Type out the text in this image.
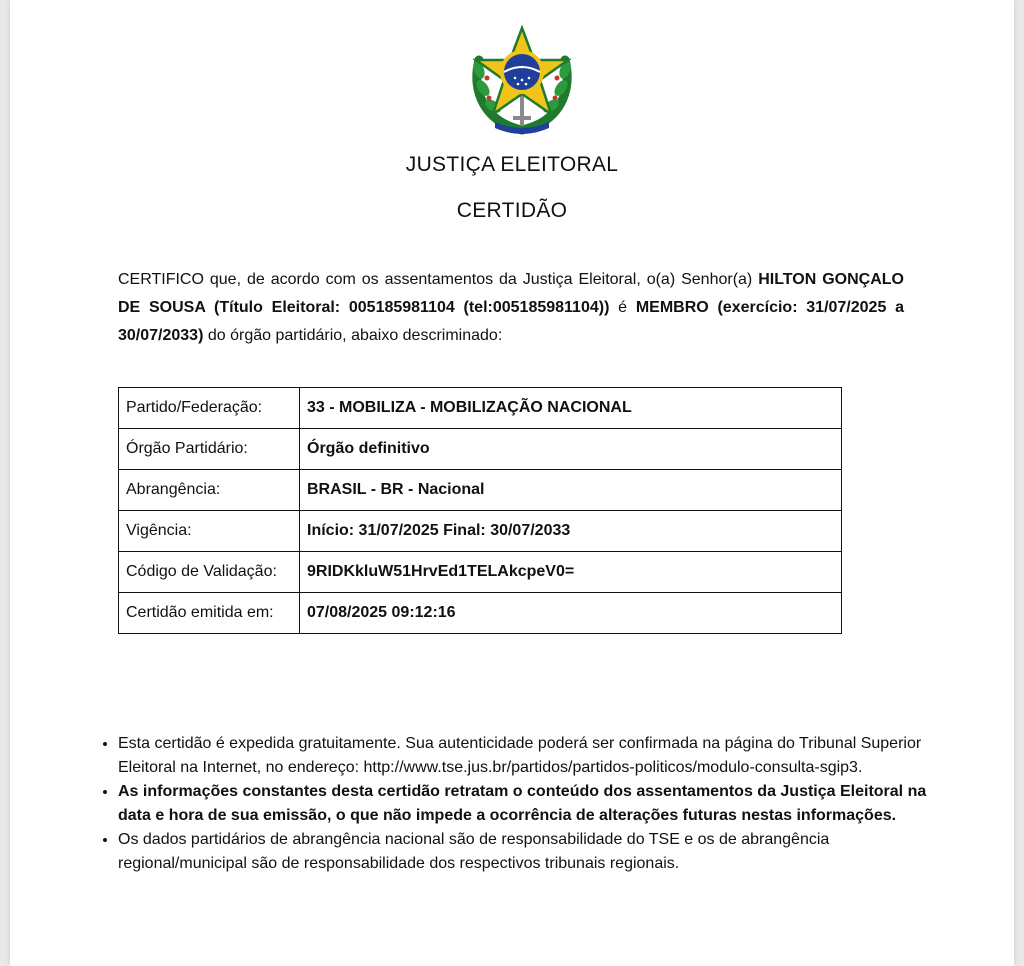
JUSTIÇA ELEITORAL
CERTIDÃO
CERTIFICO que, de acordo com os assentamentos da Justiça Eleitoral, o(a) Senhor(a) HILTON GONÇALO DE SOUSA (Título Eleitoral: 005185981104 (tel:005185981104)) é MEMBRO (exercício: 31/07/2025 a 30/07/2033) do órgão partidário, abaixo descriminado:
Partido/Federação:	33 - MOBILIZA - MOBILIZAÇÃO NACIONAL
Órgão Partidário:	Órgão definitivo
Abrangência:	BRASIL - BR - Nacional
Vigência:	Início: 31/07/2025 Final: 30/07/2033
Código de Validação:	9RIDKkluW51HrvEd1TELAkcpeV0=
Certidão emitida em:	07/08/2025 09:12:16
• Esta certidão é expedida gratuitamente. Sua autenticidade poderá ser confirmada na página do Tribunal Superior Eleitoral na Internet, no endereço: http://www.tse.jus.br/partidos/partidos-politicos/modulo-consulta-sgip3.
• As informações constantes desta certidão retratam o conteúdo dos assentamentos da Justiça Eleitoral na data e hora de sua emissão, o que não impede a ocorrência de alterações futuras nestas informações.
• Os dados partidários de abrangência nacional são de responsabilidade do TSE e os de abrangência regional/municipal são de responsabilidade dos respectivos tribunais regionais.
